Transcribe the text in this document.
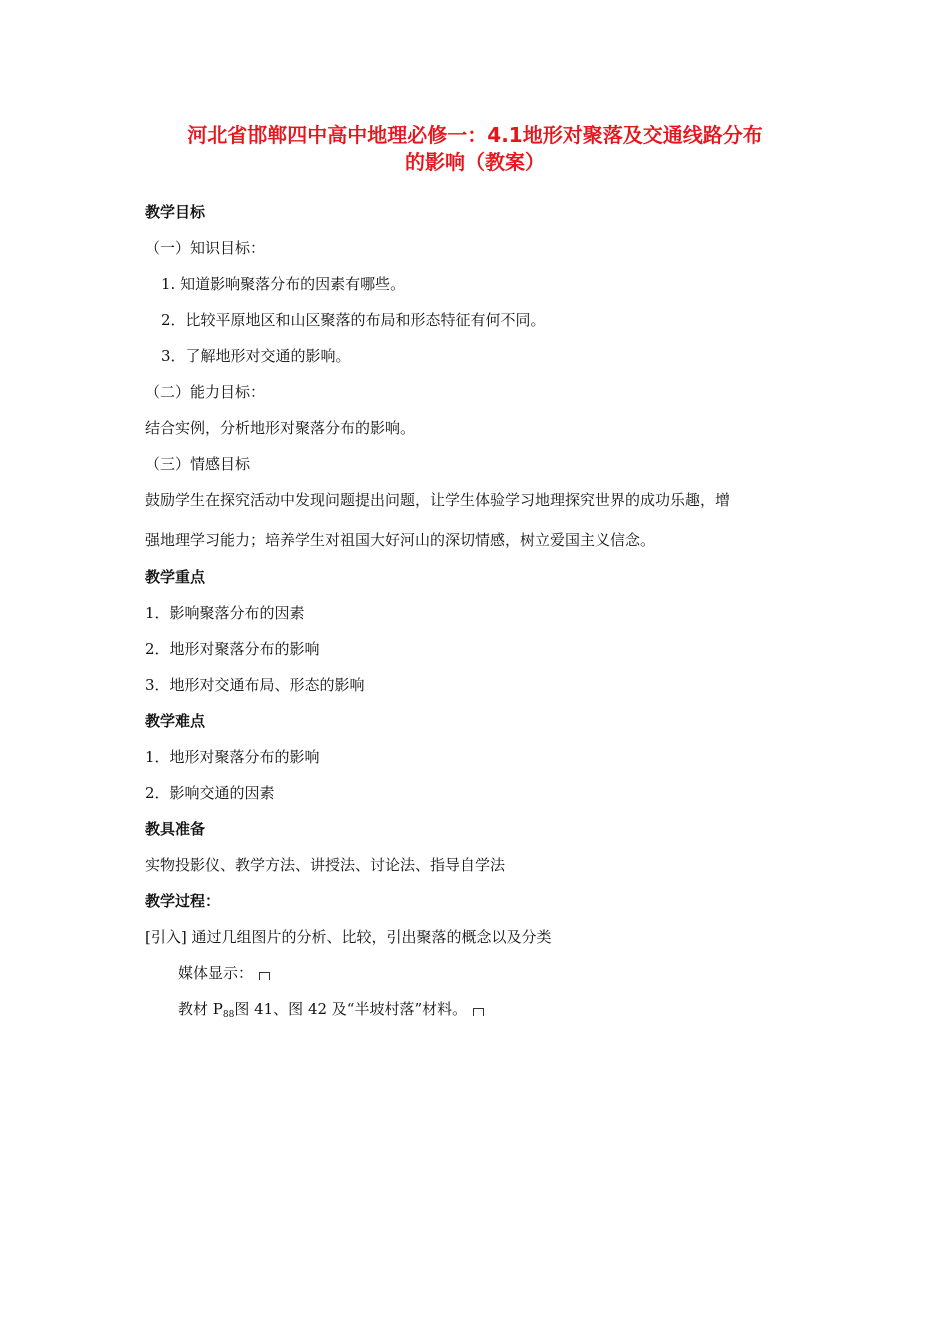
河北省邯郸四中高中地理必修一：4.1地形对聚落及交通线路分布
的影响（教案）
教学目标
（一）知识目标：
1. 知道影响聚落分布的因素有哪些。
2．比较平原地区和山区聚落的布局和形态特征有何不同。
3．了解地形对交通的影响。
（二）能力目标：
结合实例，分析地形对聚落分布的影响。
（三）情感目标
鼓励学生在探究活动中发现问题提出问题，让学生体验学习地理探究世界的成功乐趣，增
强地理学习能力；培养学生对祖国大好河山的深切情感，树立爱国主义信念。
教学重点
1．影响聚落分布的因素
2．地形对聚落分布的影响
3．地形对交通布局、形态的影响
教学难点
1．地形对聚落分布的影响
2．影响交通的因素
教具准备
实物投影仪、教学方法、讲授法、讨论法、指导自学法
教学过程：
[引入] 通过几组图片的分析、比较，引出聚落的概念以及分类
媒体显示：
教材 $P_{88}$图 41、图 42 及“半坡村落”材料。
